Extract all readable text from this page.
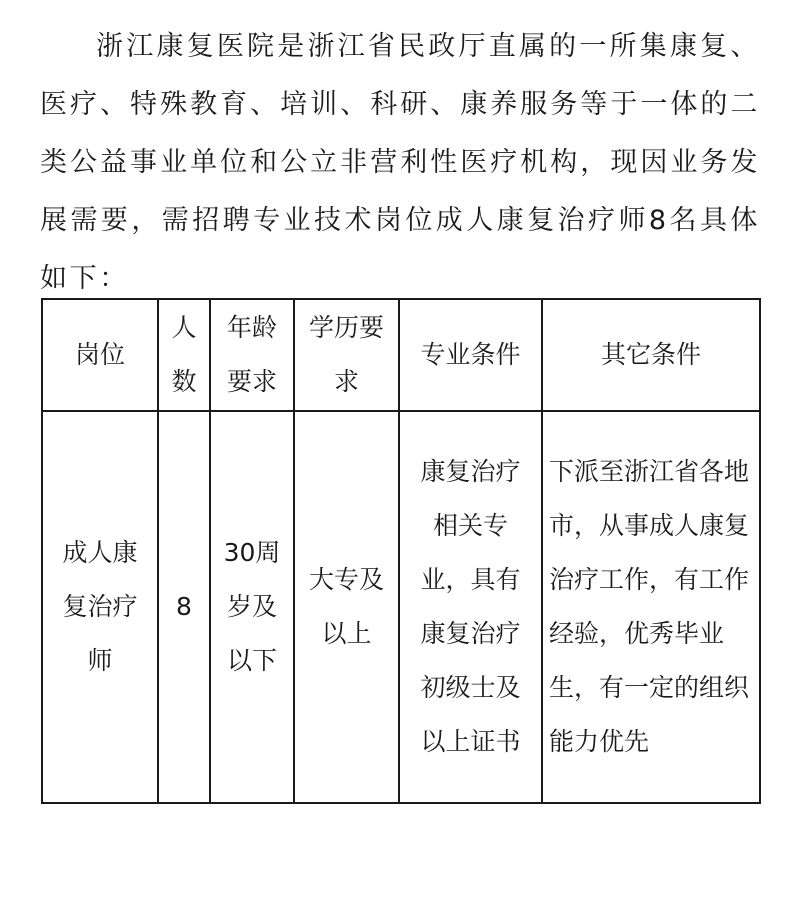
浙江康复医院是浙江省民政厅直属的一所集康复、医疗、特殊教育、培训、科研、康养服务等于一体的二类公益事业单位和公立非营利性医疗机构，现因业务发展需要，需招聘专业技术岗位成人康复治疗师8名具体如下：

岗位	人数	年龄要求	学历要求	专业条件	其它条件
成人康复治疗师	8	30周岁及以下	大专及以上	康复治疗相关专业，具有康复治疗初级士及以上证书	下派至浙江省各地市，从事成人康复治疗工作，有工作经验，优秀毕业生，有一定的组织能力优先
